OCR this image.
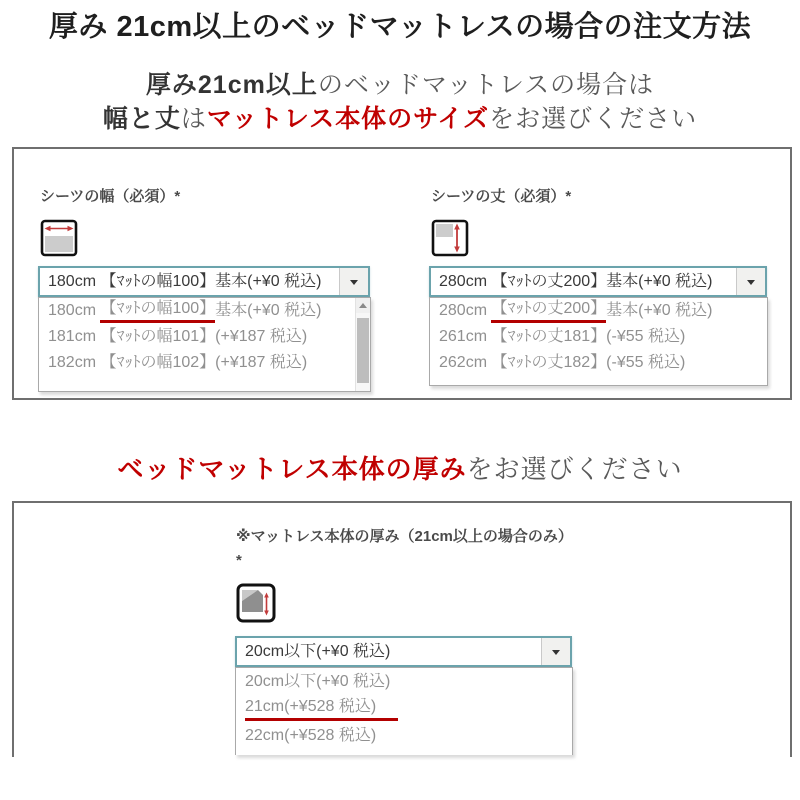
厚み 21cm以上のベッドマットレスの場合の注文方法
厚み21cm以上のベッドマットレスの場合は
幅と丈はマットレス本体のサイズをお選びください
シーツの幅（必須）*
180cm 【ﾏｯﾄの幅100】基本(+¥0 税込)
180cm 【ﾏｯﾄの幅100】基本(+¥0 税込)
181cm 【ﾏｯﾄの幅101】(+¥187 税込)
182cm 【ﾏｯﾄの幅102】(+¥187 税込)
シーツの丈（必須）*
280cm 【ﾏｯﾄの丈200】基本(+¥0 税込)
280cm 【ﾏｯﾄの丈200】基本(+¥0 税込)
261cm 【ﾏｯﾄの丈181】(-¥55 税込)
262cm 【ﾏｯﾄの丈182】(-¥55 税込)
ベッドマットレス本体の厚みをお選びください
※マットレス本体の厚み（21cm以上の場合のみ）*
20cm以下(+¥0 税込)
20cm以下(+¥0 税込)
21cm(+¥528 税込)
22cm(+¥528 税込)
